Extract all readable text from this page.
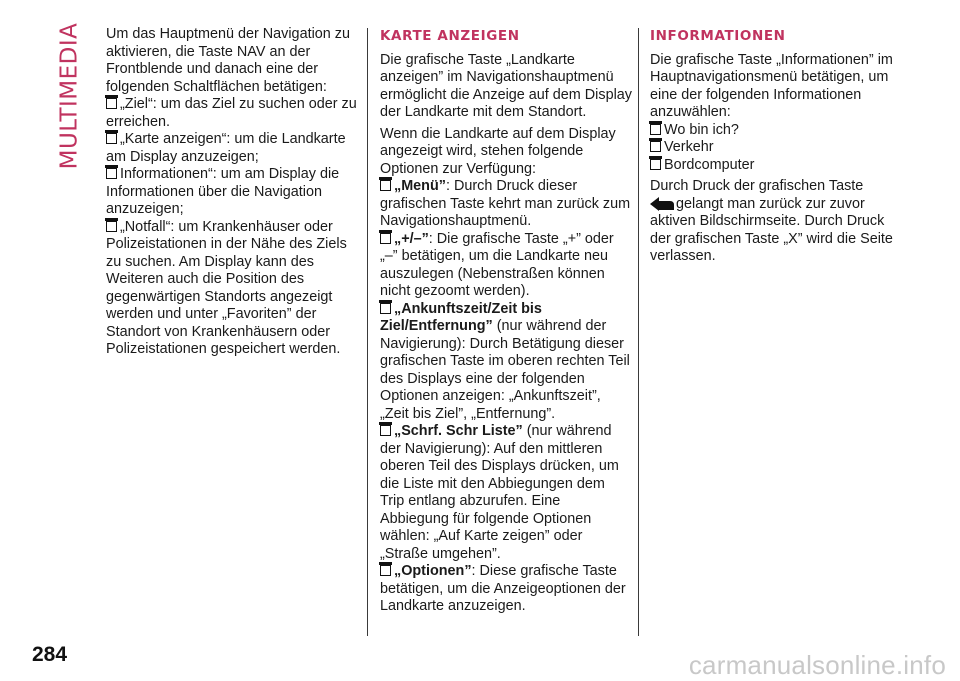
MULTIMEDIA Um das Hauptmenü der Navigation zu aktivieren, die Taste NAV an der Frontblende und danach eine der folgenden Schaltflächen betätigen:

„Ziel“: um das Ziel zu suchen oder zu erreichen.

„Karte anzeigen“: um die Landkarte am Display anzuzeigen;

Informationen“: um am Display die Informationen über die Navigation anzuzeigen;

„Notfall“: um Krankenhäuser oder Polizeistationen in der Nähe des Ziels zu suchen. Am Display kann des Weiteren auch die Position des gegenwärtigen Standorts angezeigt werden und unter „Favoriten” der Standort von Krankenhäusern oder Polizeistationen gespeichert werden.

KARTE ANZEIGEN

Die grafische Taste „Landkarte anzeigen” im Navigationshauptmenü ermöglicht die Anzeige auf dem Display der Landkarte mit dem Standort.

Wenn die Landkarte auf dem Display angezeigt wird, stehen folgende Optionen zur Verfügung:

„Menü”: Durch Druck dieser grafischen Taste kehrt man zurück zum Navigationshauptmenü.

„+/–”: Die grafische Taste „+” oder „–” betätigen, um die Landkarte neu auszulegen (Nebenstraßen können nicht gezoomt werden).

„Ankunftszeit/Zeit bis Ziel/Entfernung” (nur während der Navigierung): Durch Betätigung dieser grafischen Taste im oberen rechten Teil des Displays eine der folgenden Optionen anzeigen: „Ankunftszeit”, „Zeit bis Ziel”, „Entfernung”.

„Schrf. Schr Liste” (nur während der Navigierung): Auf den mittleren oberen Teil des Displays drücken, um die Liste mit den Abbiegungen dem Trip entlang abzurufen. Eine Abbiegung für folgende Optionen wählen: „Auf Karte zeigen” oder „Straße umgehen”.

„Optionen”: Diese grafische Taste betätigen, um die Anzeigeoptionen der Landkarte anzuzeigen.

INFORMATIONEN

Die grafische Taste „Informationen” im Hauptnavigationsmenü betätigen, um eine der folgenden Informationen anzuwählen:

Wo bin ich?

Verkehr

Bordcomputer

Durch Druck der grafischen Taste
gelangt man zurück zur zuvor aktiven Bildschirmseite. Durch Druck der grafischen Taste „X” wird die Seite verlassen.

284	carmanualsonline.info
